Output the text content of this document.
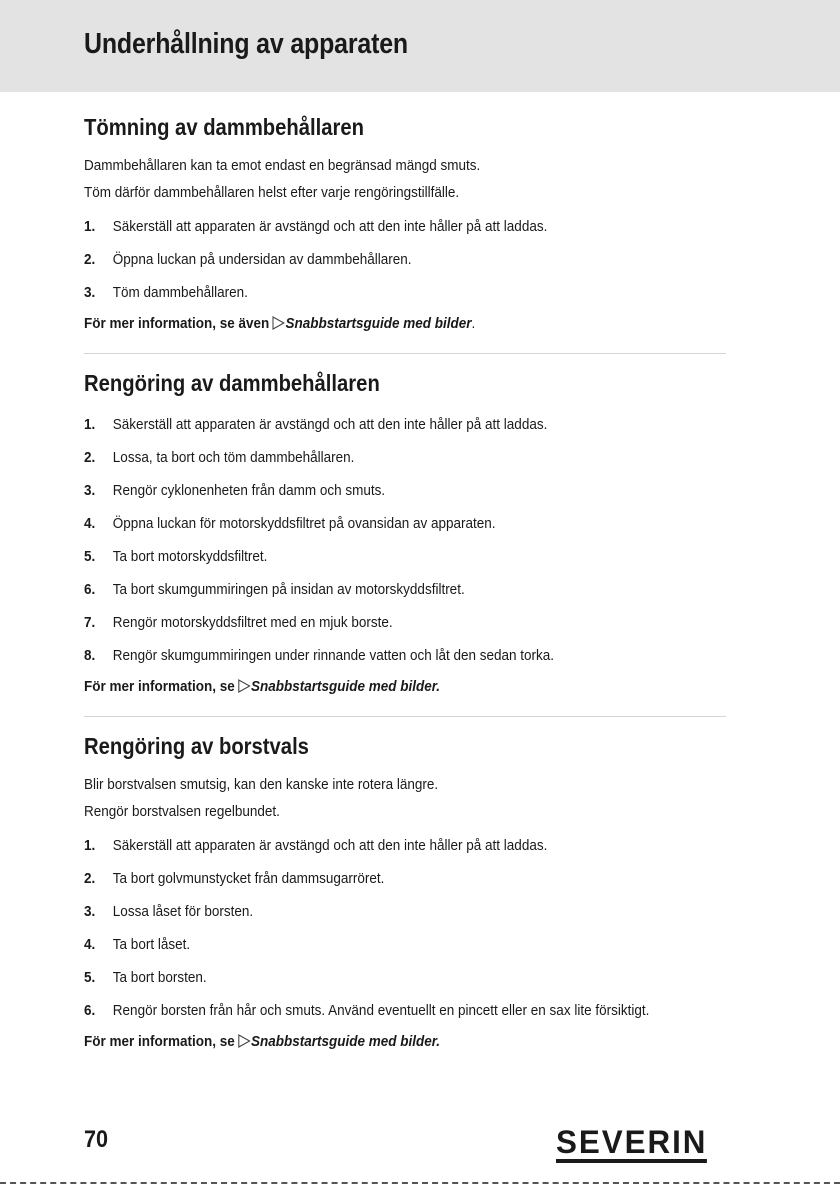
Underhållning av apparaten
Tömning av dammbehållaren

Dammbehållaren kan ta emot endast en begränsad mängd smuts.

Töm därför dammbehållaren helst efter varje rengöringstillfälle.

1. Säkerställ att apparaten är avstängd och att den inte håller på att laddas.
2. Öppna luckan på undersidan av dammbehållaren.
3. Töm dammbehållaren.
För mer information, se även Snabbstartsguide med bilder.
Rengöring av dammbehållaren
1. Säkerställ att apparaten är avstängd och att den inte håller på att laddas.
2. Lossa, ta bort och töm dammbehållaren.
3. Rengör cyklonenheten från damm och smuts.
4. Öppna luckan för motorskyddsfiltret på ovansidan av apparaten.
5. Ta bort motorskyddsfiltret.
6. Ta bort skumgummiringen på insidan av motorskyddsfiltret.
7. Rengör motorskyddsfiltret med en mjuk borste.
8. Rengör skumgummiringen under rinnande vatten och låt den sedan torka.
För mer information, se Snabbstartsguide med bilder.
Rengöring av borstvals

Blir borstvalsen smutsig, kan den kanske inte rotera längre.

Rengör borstvalsen regelbundet.

1. Säkerställ att apparaten är avstängd och att den inte håller på att laddas.
2. Ta bort golvmunstycket från dammsugarröret.
3. Lossa låset för borsten.
4. Ta bort låset.
5. Ta bort borsten.
6. Rengör borsten från hår och smuts. Använd eventuellt en pincett eller en sax lite försiktigt.
För mer information, se Snabbstartsguide med bilder.
70	SEVERIN
